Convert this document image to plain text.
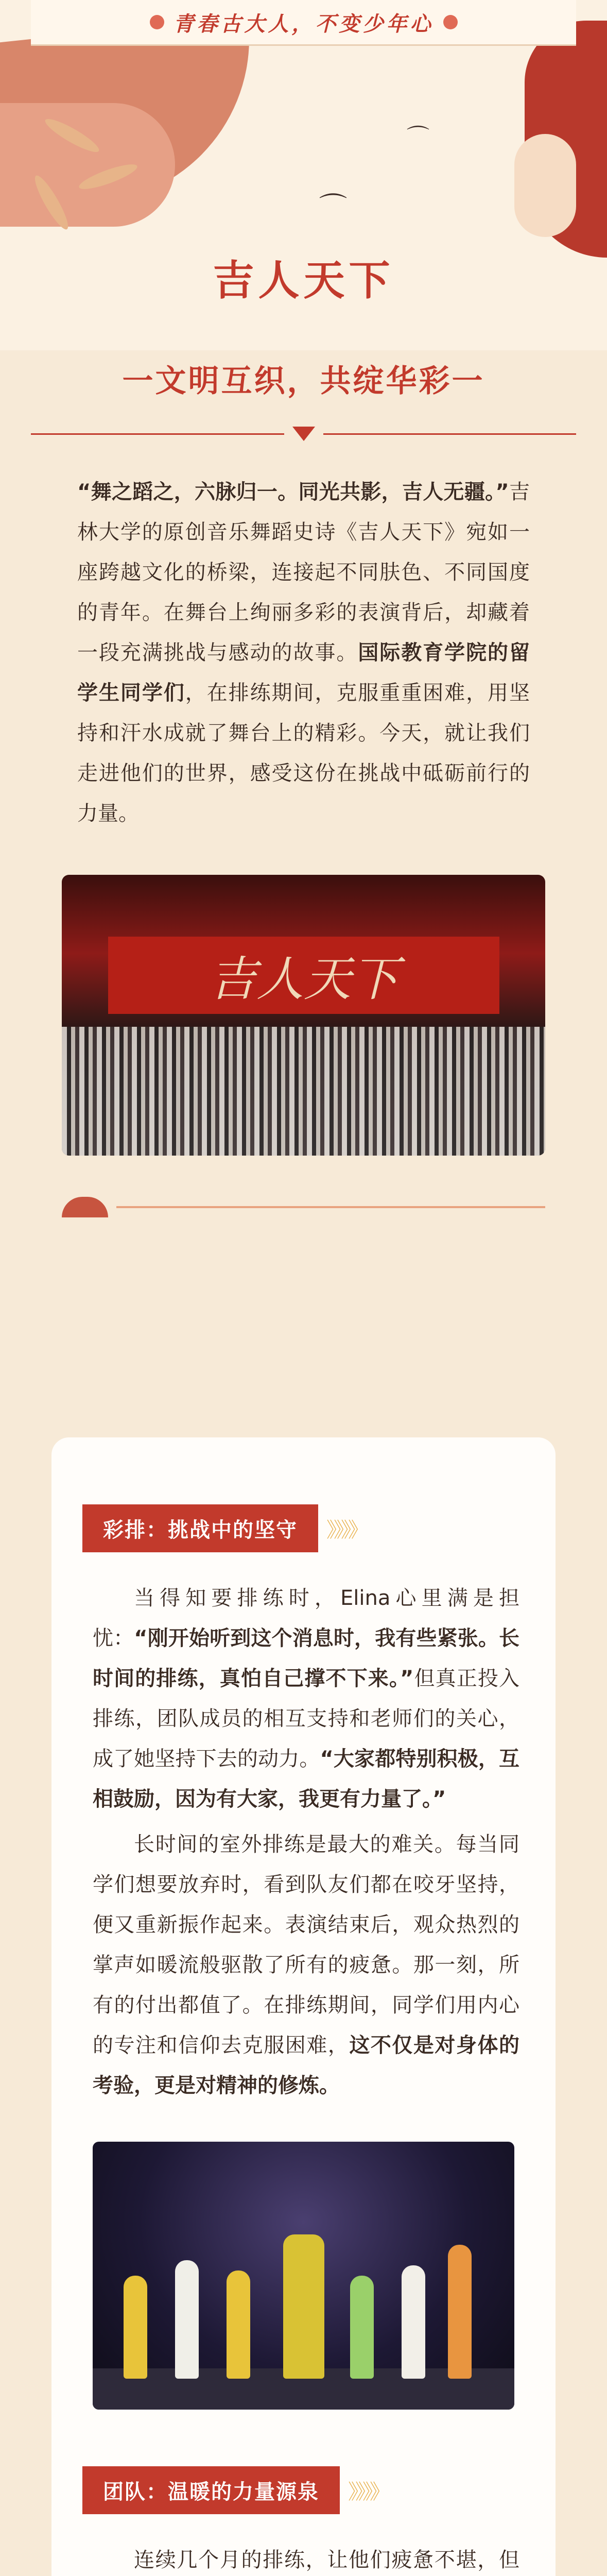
青春古大人，不变少年心
⌒
⌒
吉人天下
一文明互织，共绽华彩一
“舞之蹈之，六脉归一。同光共影，吉人无疆。”吉林大学的原创音乐舞蹈史诗《吉人天下》宛如一座跨越文化的桥梁，连接起不同肤色、不同国度的青年。在舞台上绚丽多彩的表演背后，却藏着一段充满挑战与感动的故事。国际教育学院的留学生同学们，在排练期间，克服重重困难，用坚持和汗水成就了舞台上的精彩。今天，就让我们走进他们的世界，感受这份在挑战中砥砺前行的力量。
吉人天下
彩排：挑战中的坚守	》》》》

当得知要排练时，Elina心里满是担忧：“刚开始听到这个消息时，我有些紧张。长时间的排练，真怕自己撑不下来。”但真正投入排练，团队成员的相互支持和老师们的关心，成了她坚持下去的动力。“大家都特别积极，互相鼓励，因为有大家，我更有力量了。”

长时间的室外排练是最大的难关。每当同学们想要放弃时，看到队友们都在咬牙坚持，便又重新振作起来。表演结束后，观众热烈的掌声如暖流般驱散了所有的疲惫。那一刻，所有的付出都值了。在排练期间，同学们用内心的专注和信仰去克服困难，这不仅是对身体的考验，更是对精神的修炼。

团队：温暖的力量源泉	》》》》

连续几个月的排练，让他们疲惫不堪，但
